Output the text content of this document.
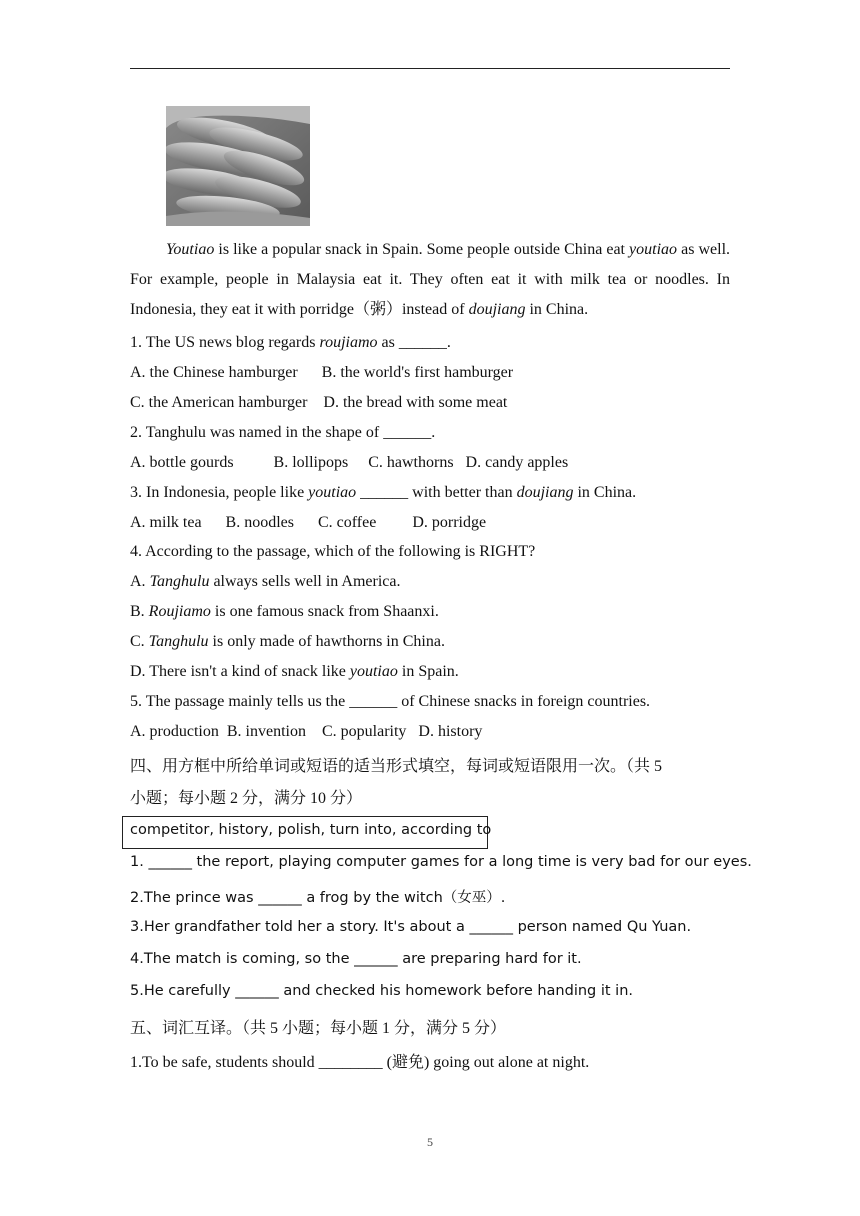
Youtiao is like a popular snack in Spain. Some people outside China eat youtiao as well. For example, people in Malaysia eat it. They often eat it with milk tea or noodles. In Indonesia, they eat it with porridge（粥）instead of doujiang in China.
1. The US news blog regards roujiamo as ______.
A. the Chinese hamburger      B. the world's first hamburger
C. the American hamburger    D. the bread with some meat
2. Tanghulu was named in the shape of ______.
A. bottle gourds          B. lollipops     C. hawthorns   D. candy apples
3. In Indonesia, people like youtiao ______ with better than doujiang in China.
A. milk tea      B. noodles      C. coffee         D. porridge
4. According to the passage, which of the following is RIGHT?
A. Tanghulu always sells well in America.
B. Roujiamo is one famous snack from Shaanxi.
C. Tanghulu is only made of hawthorns in China.
D. There isn't a kind of snack like youtiao in Spain.
5. The passage mainly tells us the ______ of Chinese snacks in foreign countries.
A. production  B. invention    C. popularity   D. history
四、用方框中所给单词或短语的适当形式填空，每词或短语限用一次。（共 5
小题；每小题 2 分，满分 10 分）
competitor, history, polish, turn into, according to
1. ______ the report, playing computer games for a long time is very bad for our eyes.
2.The prince was ______ a frog by the witch（女巫）.
3.Her grandfather told her a story. It's about a ______ person named Qu Yuan.
4.The match is coming, so the ______ are preparing hard for it.
5.He carefully ______ and checked his homework before handing it in.
五、词汇互译。（共 5 小题；每小题 1 分，满分 5 分）
1.To be safe, students should ________ (避免) going out alone at night.
5
